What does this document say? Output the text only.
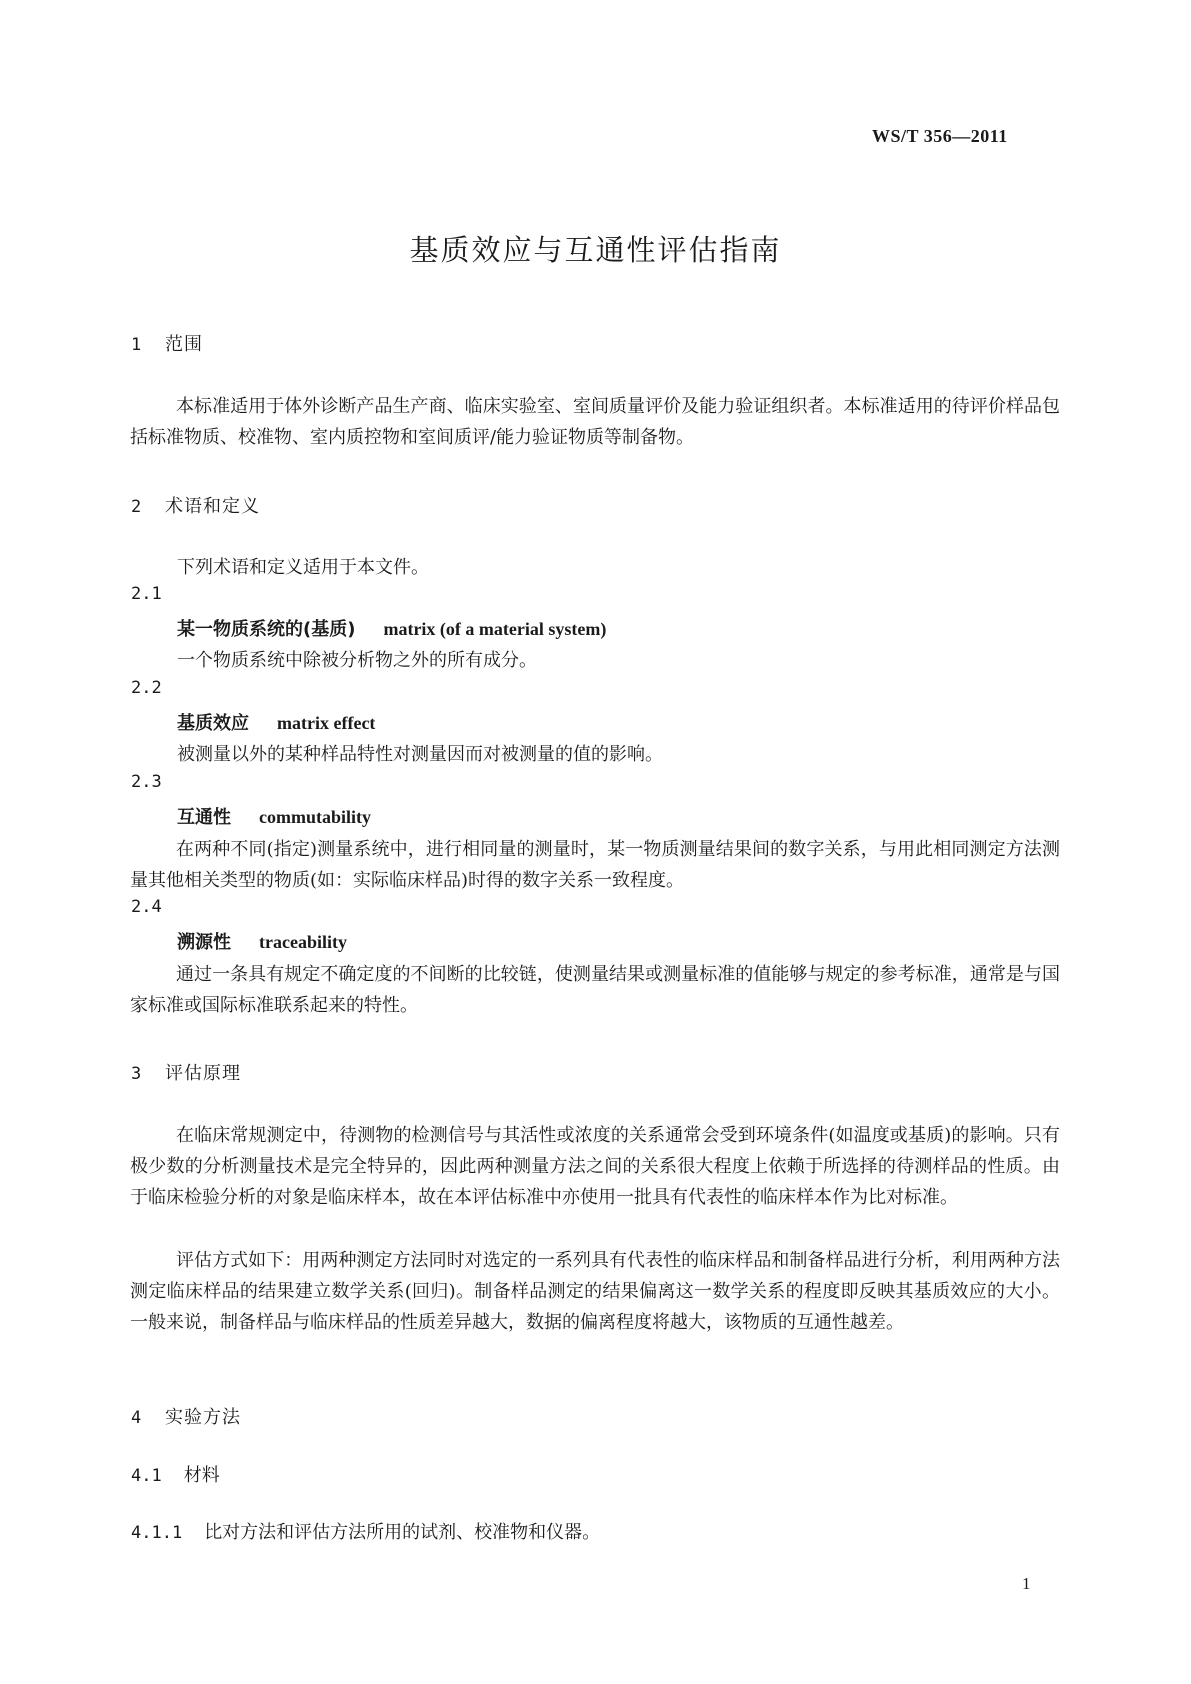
WS/T 356—2011
基质效应与互通性评估指南
1 范围
本标准适用于体外诊断产品生产商、临床实验室、室间质量评价及能力验证组织者。本标准适用的待评价样品包括标准物质、校准物、室内质控物和室间质评/能力验证物质等制备物。
2 术语和定义
下列术语和定义适用于本文件。
2.1
某一物质系统的(基质) matrix (of a material system)
一个物质系统中除被分析物之外的所有成分。
2.2
基质效应 matrix effect
被测量以外的某种样品特性对测量因而对被测量的值的影响。
2.3
互通性 commutability
在两种不同(指定)测量系统中，进行相同量的测量时，某一物质测量结果间的数字关系，与用此相同测定方法测量其他相关类型的物质(如：实际临床样品)时得的数字关系一致程度。
2.4
溯源性 traceability
通过一条具有规定不确定度的不间断的比较链，使测量结果或测量标准的值能够与规定的参考标准，通常是与国家标准或国际标准联系起来的特性。
3 评估原理
在临床常规测定中，待测物的检测信号与其活性或浓度的关系通常会受到环境条件(如温度或基质)的影响。只有极少数的分析测量技术是完全特异的，因此两种测量方法之间的关系很大程度上依赖于所选择的待测样品的性质。由于临床检验分析的对象是临床样本，故在本评估标准中亦使用一批具有代表性的临床样本作为比对标准。
评估方式如下：用两种测定方法同时对选定的一系列具有代表性的临床样品和制备样品进行分析，利用两种方法测定临床样品的结果建立数学关系(回归)。制备样品测定的结果偏离这一数学关系的程度即反映其基质效应的大小。一般来说，制备样品与临床样品的性质差异越大，数据的偏离程度将越大，该物质的互通性越差。
4 实验方法
4.1 材料
4.1.1 比对方法和评估方法所用的试剂、校准物和仪器。
1
